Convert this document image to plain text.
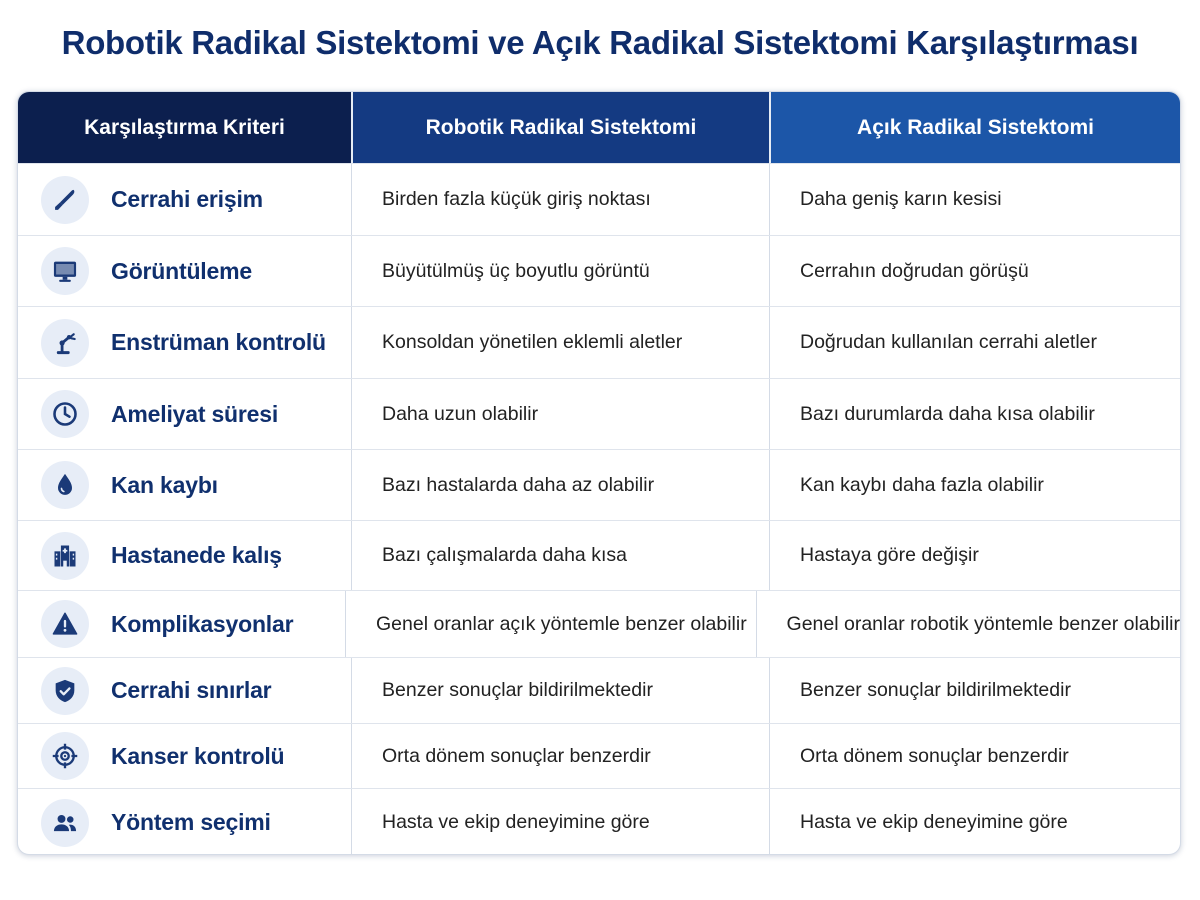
Robotik Radikal Sistektomi ve Açık Radikal Sistektomi Karşılaştırması
Karşılaştırma Kriteri	Robotik Radikal Sistektomi	Açık Radikal Sistektomi
Cerrahi erişim	Birden fazla küçük giriş noktası	Daha geniş karın kesisi
Görüntüleme	Büyütülmüş üç boyutlu görüntü	Cerrahın doğrudan görüşü
Enstrüman kontrolü	Konsoldan yönetilen eklemli aletler	Doğrudan kullanılan cerrahi aletler
Ameliyat süresi	Daha uzun olabilir	Bazı durumlarda daha kısa olabilir
Kan kaybı	Bazı hastalarda daha az olabilir	Kan kaybı daha fazla olabilir
Hastanede kalış	Bazı çalışmalarda daha kısa	Hastaya göre değişir
Komplikasyonlar	Genel oranlar açık yöntemle benzer olabilir	Genel oranlar robotik yöntemle benzer olabilir
Cerrahi sınırlar	Benzer sonuçlar bildirilmektedir	Benzer sonuçlar bildirilmektedir
Kanser kontrolü	Orta dönem sonuçlar benzerdir	Orta dönem sonuçlar benzerdir
Yöntem seçimi	Hasta ve ekip deneyimine göre	Hasta ve ekip deneyimine göre
